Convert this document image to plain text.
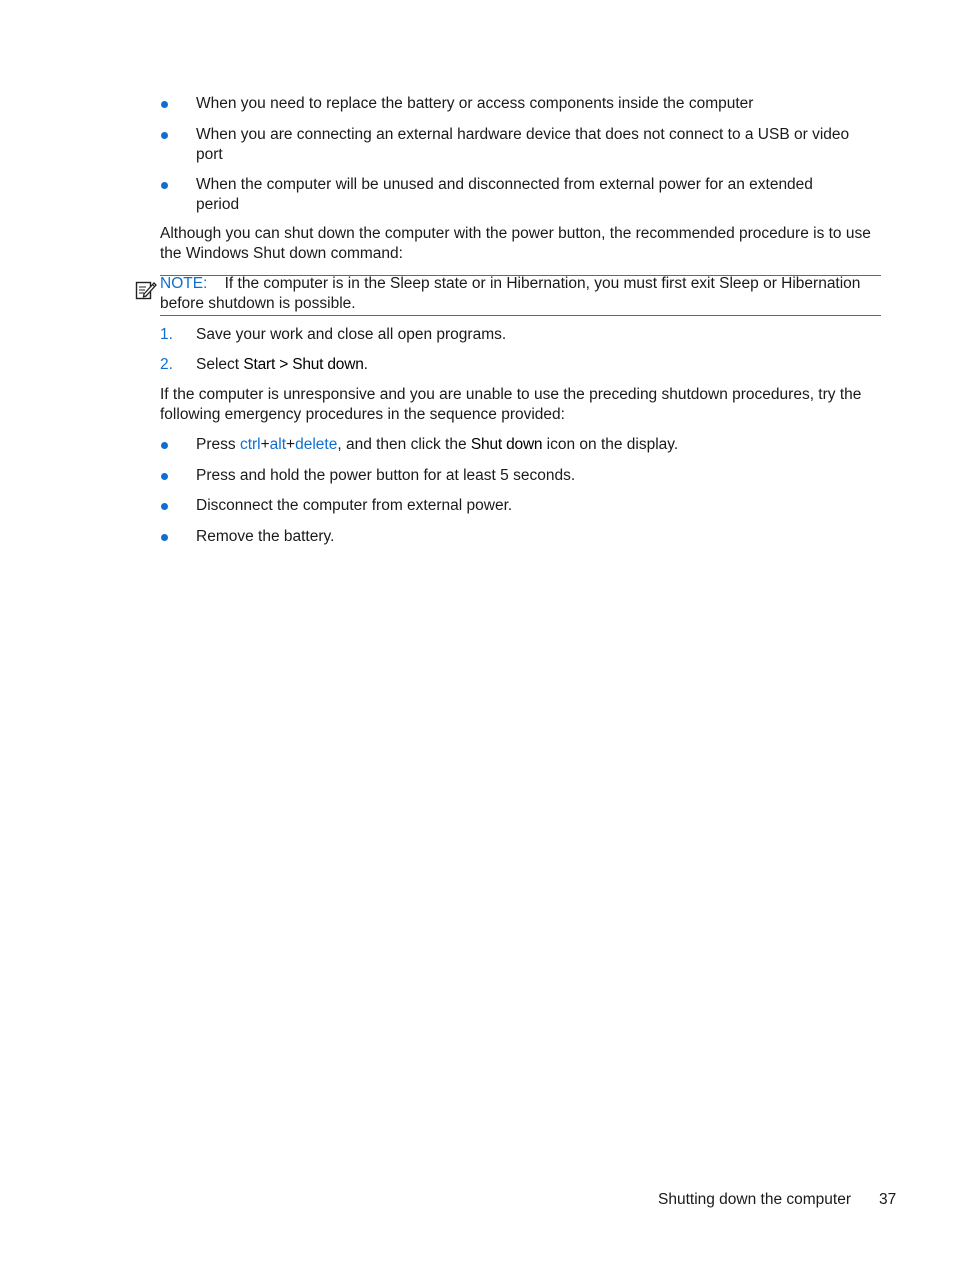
When you need to replace the battery or access components inside the computer
When you are connecting an external hardware device that does not connect to a USB or video port
When the computer will be unused and disconnected from external power for an extended period
Although you can shut down the computer with the power button, the recommended procedure is to use the Windows Shut down command:
NOTE: If the computer is in the Sleep state or in Hibernation, you must first exit Sleep or Hibernation before shutdown is possible.
1. Save your work and close all open programs.
2. Select Start > Shut down.
If the computer is unresponsive and you are unable to use the preceding shutdown procedures, try the following emergency procedures in the sequence provided:
Press ctrl+alt+delete, and then click the Shut down icon on the display.
Press and hold the power button for at least 5 seconds.
Disconnect the computer from external power.
Remove the battery.
Shutting down the computer 37
